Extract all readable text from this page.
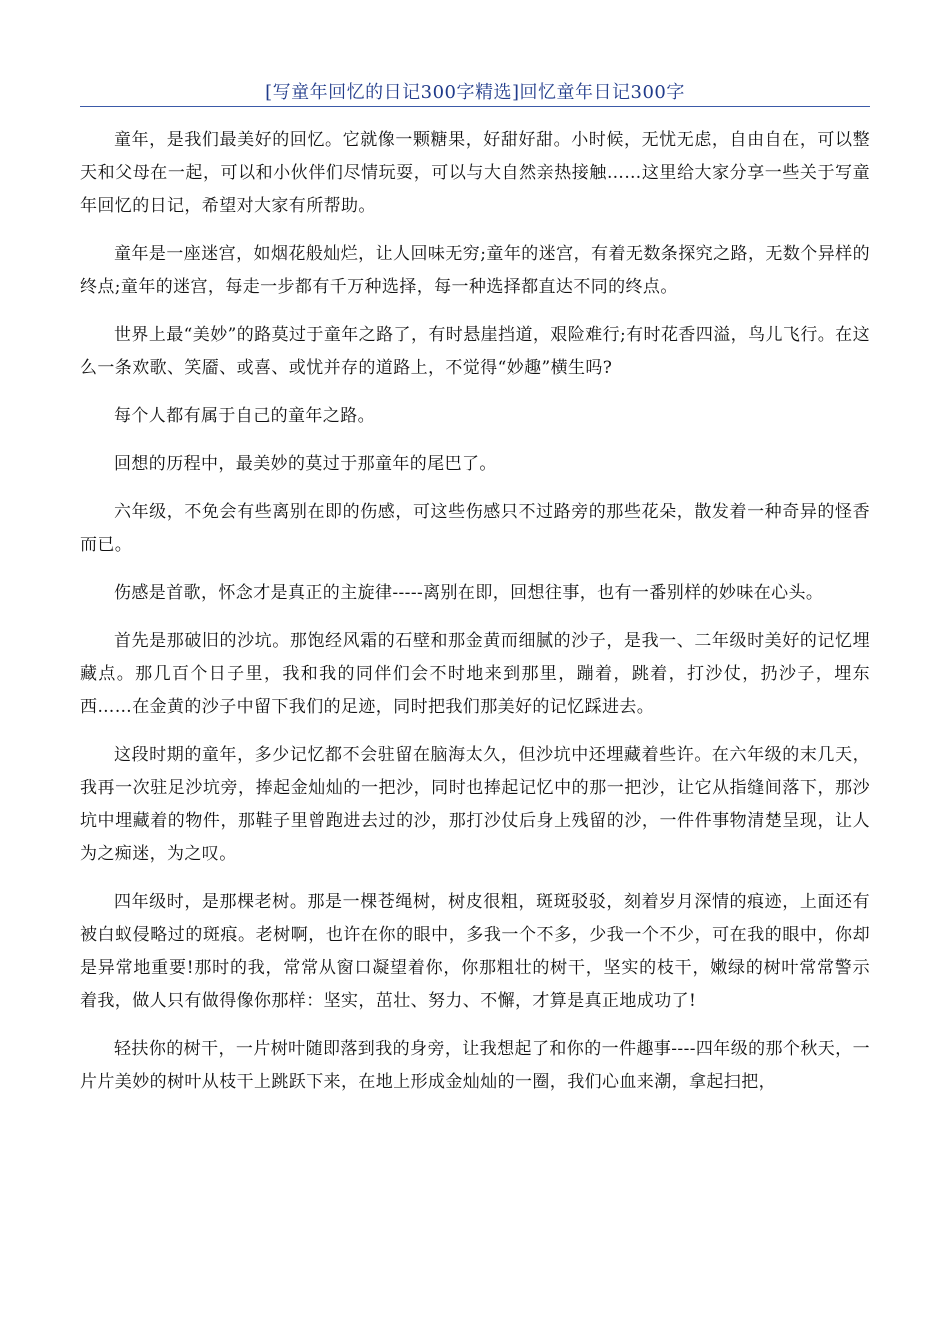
[写童年回忆的日记300字精选]回忆童年日记300字

童年，是我们最美好的回忆。它就像一颗糖果，好甜好甜。小时候，无忧无虑，自由自在，可以整天和父母在一起，可以和小伙伴们尽情玩耍，可以与大自然亲热接触……这里给大家分享一些关于写童年回忆的日记，希望对大家有所帮助。

童年是一座迷宫，如烟花般灿烂，让人回味无穷;童年的迷宫，有着无数条探究之路，无数个异样的终点;童年的迷宫，每走一步都有千万种选择，每一种选择都直达不同的终点。

世界上最“美妙”的路莫过于童年之路了，有时悬崖挡道，艰险难行;有时花香四溢，鸟儿飞行。在这么一条欢歌、笑靥、或喜、或忧并存的道路上，不觉得“妙趣”横生吗?

每个人都有属于自己的童年之路。

回想的历程中，最美妙的莫过于那童年的尾巴了。

六年级，不免会有些离别在即的伤感，可这些伤感只不过路旁的那些花朵，散发着一种奇异的怪香而已。

伤感是首歌，怀念才是真正的主旋律-----离别在即，回想往事，也有一番别样的妙味在心头。

首先是那破旧的沙坑。那饱经风霜的石壁和那金黄而细腻的沙子，是我一、二年级时美好的记忆埋藏点。那几百个日子里，我和我的同伴们会不时地来到那里，蹦着，跳着，打沙仗，扔沙子，埋东西……在金黄的沙子中留下我们的足迹，同时把我们那美好的记忆踩进去。

这段时期的童年，多少记忆都不会驻留在脑海太久，但沙坑中还埋藏着些许。在六年级的末几天，我再一次驻足沙坑旁，捧起金灿灿的一把沙，同时也捧起记忆中的那一把沙，让它从指缝间落下，那沙坑中埋藏着的物件，那鞋子里曾跑进去过的沙，那打沙仗后身上残留的沙，一件件事物清楚呈现，让人为之痴迷，为之叹。

四年级时，是那棵老树。那是一棵苍绳树，树皮很粗，斑斑驳驳，刻着岁月深情的痕迹，上面还有被白蚁侵略过的斑痕。老树啊，也许在你的眼中，多我一个不多，少我一个不少，可在我的眼中，你却是异常地重要!那时的我，常常从窗口凝望着你，你那粗壮的树干，坚实的枝干，嫩绿的树叶常常警示着我，做人只有做得像你那样：坚实，茁壮、努力、不懈，才算是真正地成功了!

轻扶你的树干，一片树叶随即落到我的身旁，让我想起了和你的一件趣事----四年级的那个秋天，一片片美妙的树叶从枝干上跳跃下来，在地上形成金灿灿的一圈，我们心血来潮，拿起扫把，
